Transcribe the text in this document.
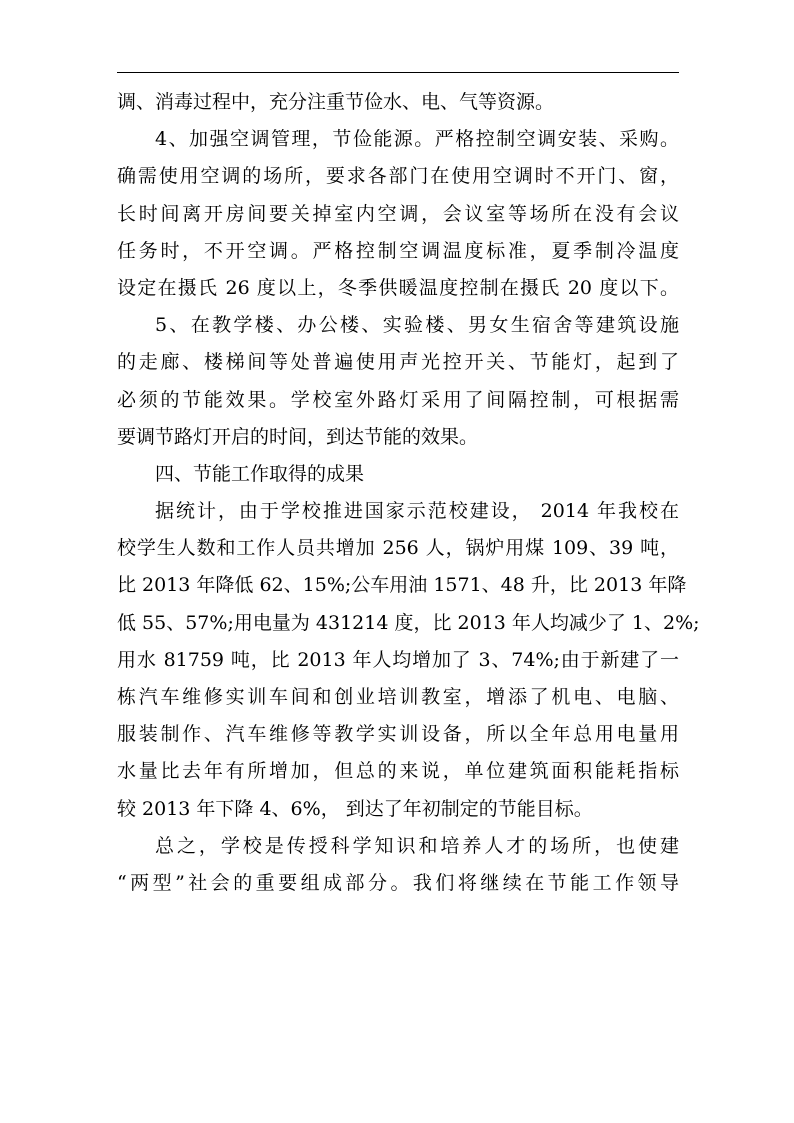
调、消毒过程中，充分注重节俭水、电、气等资源。
4、加强空调管理，节俭能源。严格控制空调安装、采购。
确需使用空调的场所，要求各部门在使用空调时不开门、窗，
长时间离开房间要关掉室内空调，会议室等场所在没有会议
任务时，不开空调。严格控制空调温度标准，夏季制冷温度
设定在摄氏 26 度以上，冬季供暖温度控制在摄氏 20 度以下。
5、在教学楼、办公楼、实验楼、男女生宿舍等建筑设施
的走廊、楼梯间等处普遍使用声光控开关、节能灯，起到了
必须的节能效果。学校室外路灯采用了间隔控制，可根据需
要调节路灯开启的时间，到达节能的效果。
四、节能工作取得的成果
据统计，由于学校推进国家示范校建设， 2014 年我校在
校学生人数和工作人员共增加 256 人，锅炉用煤 109、39 吨，
比 2013 年降低 62、15%;公车用油 1571、48 升，比 2013 年降
低 55、57%;用电量为 431214 度，比 2013 年人均减少了 1、2%;
用水 81759 吨，比 2013 年人均增加了 3、74%;由于新建了一
栋汽车维修实训车间和创业培训教室，增添了机电、电脑、
服装制作、汽车维修等教学实训设备，所以全年总用电量用
水量比去年有所增加，但总的来说，单位建筑面积能耗指标
较 2013 年下降 4、6%， 到达了年初制定的节能目标。
总之，学校是传授科学知识和培养人才的场所，也使建
“两型”社会的重要组成部分。我们将继续在节能工作领导
